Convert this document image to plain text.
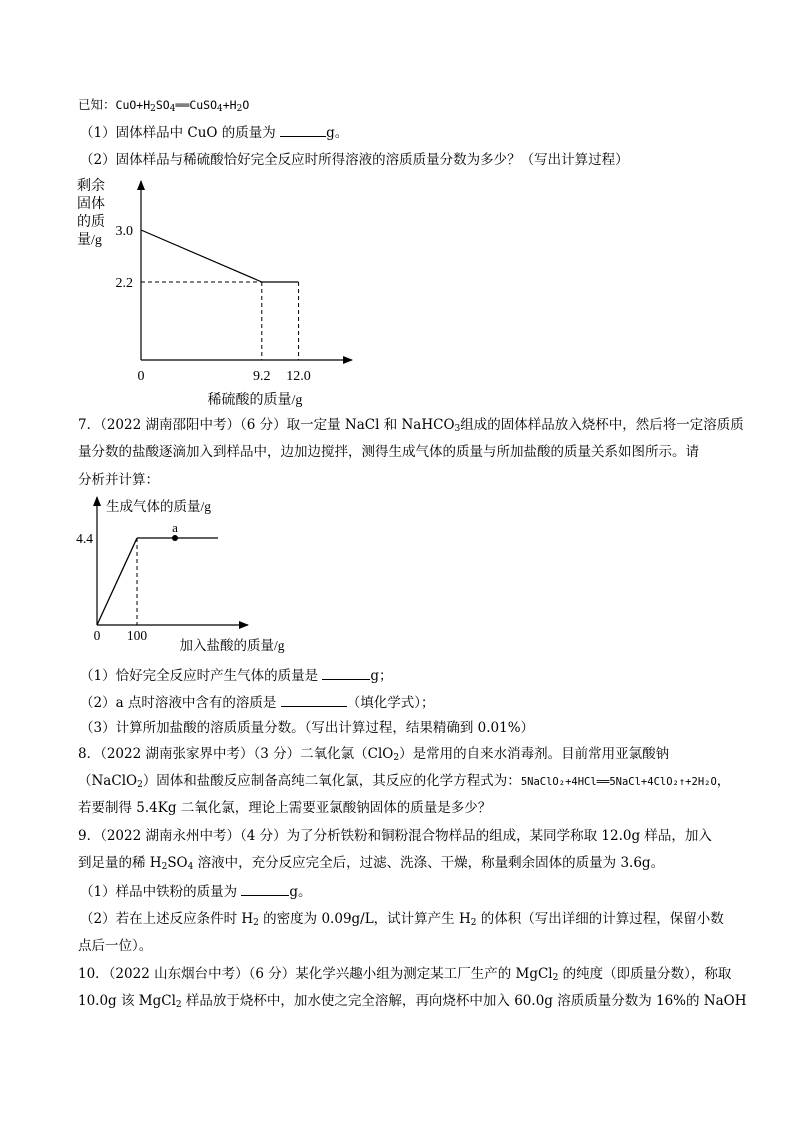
已知：$CuO+H_2SO_4══CuSO_4+H_2O$
（1）固体样品中 CuO 的质量为	g。
（2）固体样品与稀硫酸恰好完全反应时所得溶液的溶质质量分数为多少？（写出计算过程）
剩余
固体
的质
量/g
0	9.2 12.0
3.0
2.2
稀硫酸的质量/g
7．（2022 湖南邵阳中考）（6 分）取一定量 NaCl 和 NaHCO$_3$组成的固体样品放入烧杯中，然后将一定溶质质
量分数的盐酸逐滴加入到样品中，边加边搅拌，测得生成气体的质量与所加盐酸的质量关系如图所示。请
分析并计算：
生成气体的质量/g
a
0 100
4.4
加入盐酸的质量/g
（1）恰好完全反应时产生气体的质量是	g；
（2）a 点时溶液中含有的溶质是	（填化学式）；
（3）计算所加盐酸的溶质质量分数。（写出计算过程，结果精确到 0.01%）
8．（2022 湖南张家界中考）（3 分）二氧化氯（ClO$_2$）是常用的自来水消毒剂。目前常用亚氯酸钠
（NaClO$_2$）固体和盐酸反应制备高纯二氧化氯，其反应的化学方程式为：5NaClO₂+4HCl══5NaCl+4ClO₂↑+2H₂O，
若要制得 5.4Kg 二氧化氯，理论上需要亚氯酸钠固体的质量是多少？
9．（2022 湖南永州中考）（4 分）为了分析铁粉和铜粉混合物样品的组成，某同学称取 12.0g 样品，加入
到足量的稀 $H_2SO_4$ 溶液中，充分反应完全后，过滤、洗涤、干燥，称量剩余固体的质量为 3.6g。
（1）样品中铁粉的质量为	g。
（2）若在上述反应条件时 $H_2$ 的密度为 0.09g/L，试计算产生 $H_2$ 的体积（写出详细的计算过程，保留小数
点后一位）。
10．（2022 山东烟台中考）（6 分）某化学兴趣小组为测定某工厂生产的 MgCl$_2$ 的纯度（即质量分数），称取
10.0g 该 MgCl$_2$ 样品放于烧杯中，加水使之完全溶解，再向烧杯中加入 60.0g 溶质质量分数为 16%的 NaOH
